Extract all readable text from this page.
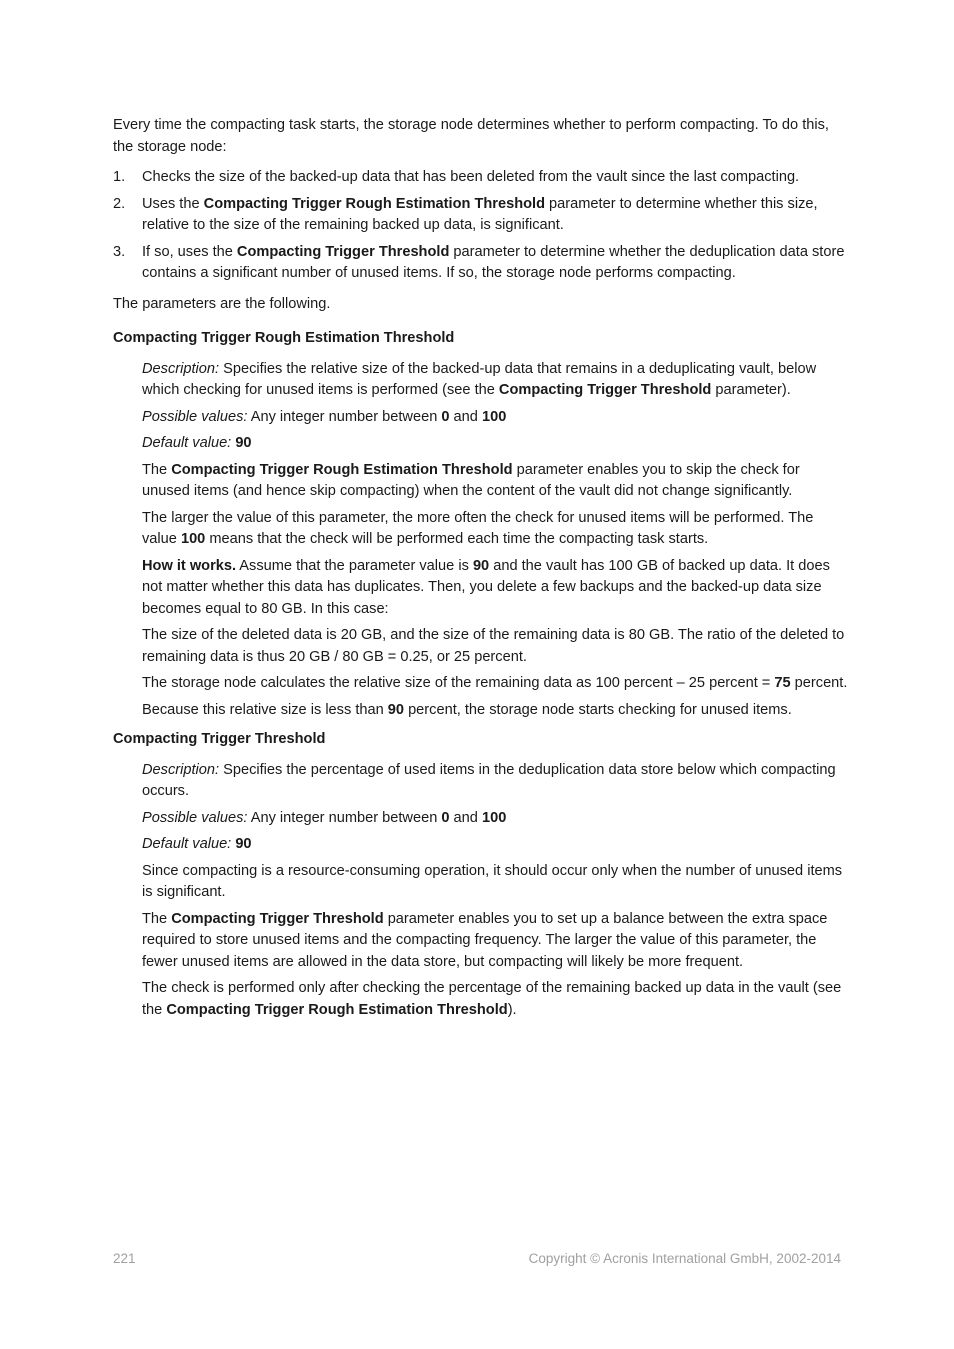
Every time the compacting task starts, the storage node determines whether to perform compacting. To do this, the storage node:

1. Checks the size of the backed-up data that has been deleted from the vault since the last compacting.
2. Uses the Compacting Trigger Rough Estimation Threshold parameter to determine whether this size, relative to the size of the remaining backed up data, is significant.
3. If so, uses the Compacting Trigger Threshold parameter to determine whether the deduplication data store contains a significant number of unused items. If so, the storage node performs compacting.

The parameters are the following.

Compacting Trigger Rough Estimation Threshold

Description: Specifies the relative size of the backed-up data that remains in a deduplicating vault, below which checking for unused items is performed (see the Compacting Trigger Threshold parameter).

Possible values: Any integer number between 0 and 100

Default value: 90

The Compacting Trigger Rough Estimation Threshold parameter enables you to skip the check for unused items (and hence skip compacting) when the content of the vault did not change significantly.

The larger the value of this parameter, the more often the check for unused items will be performed. The value 100 means that the check will be performed each time the compacting task starts.

How it works. Assume that the parameter value is 90 and the vault has 100 GB of backed up data. It does not matter whether this data has duplicates. Then, you delete a few backups and the backed-up data size becomes equal to 80 GB. In this case:

The size of the deleted data is 20 GB, and the size of the remaining data is 80 GB. The ratio of the deleted to remaining data is thus 20 GB / 80 GB = 0.25, or 25 percent.

The storage node calculates the relative size of the remaining data as 100 percent – 25 percent = 75 percent.

Because this relative size is less than 90 percent, the storage node starts checking for unused items.

Compacting Trigger Threshold

Description: Specifies the percentage of used items in the deduplication data store below which compacting occurs.

Possible values: Any integer number between 0 and 100

Default value: 90

Since compacting is a resource-consuming operation, it should occur only when the number of unused items is significant.

The Compacting Trigger Threshold parameter enables you to set up a balance between the extra space required to store unused items and the compacting frequency. The larger the value of this parameter, the fewer unused items are allowed in the data store, but compacting will likely be more frequent.

The check is performed only after checking the percentage of the remaining backed up data in the vault (see the Compacting Trigger Rough Estimation Threshold).

221	Copyright © Acronis International GmbH, 2002-2014
